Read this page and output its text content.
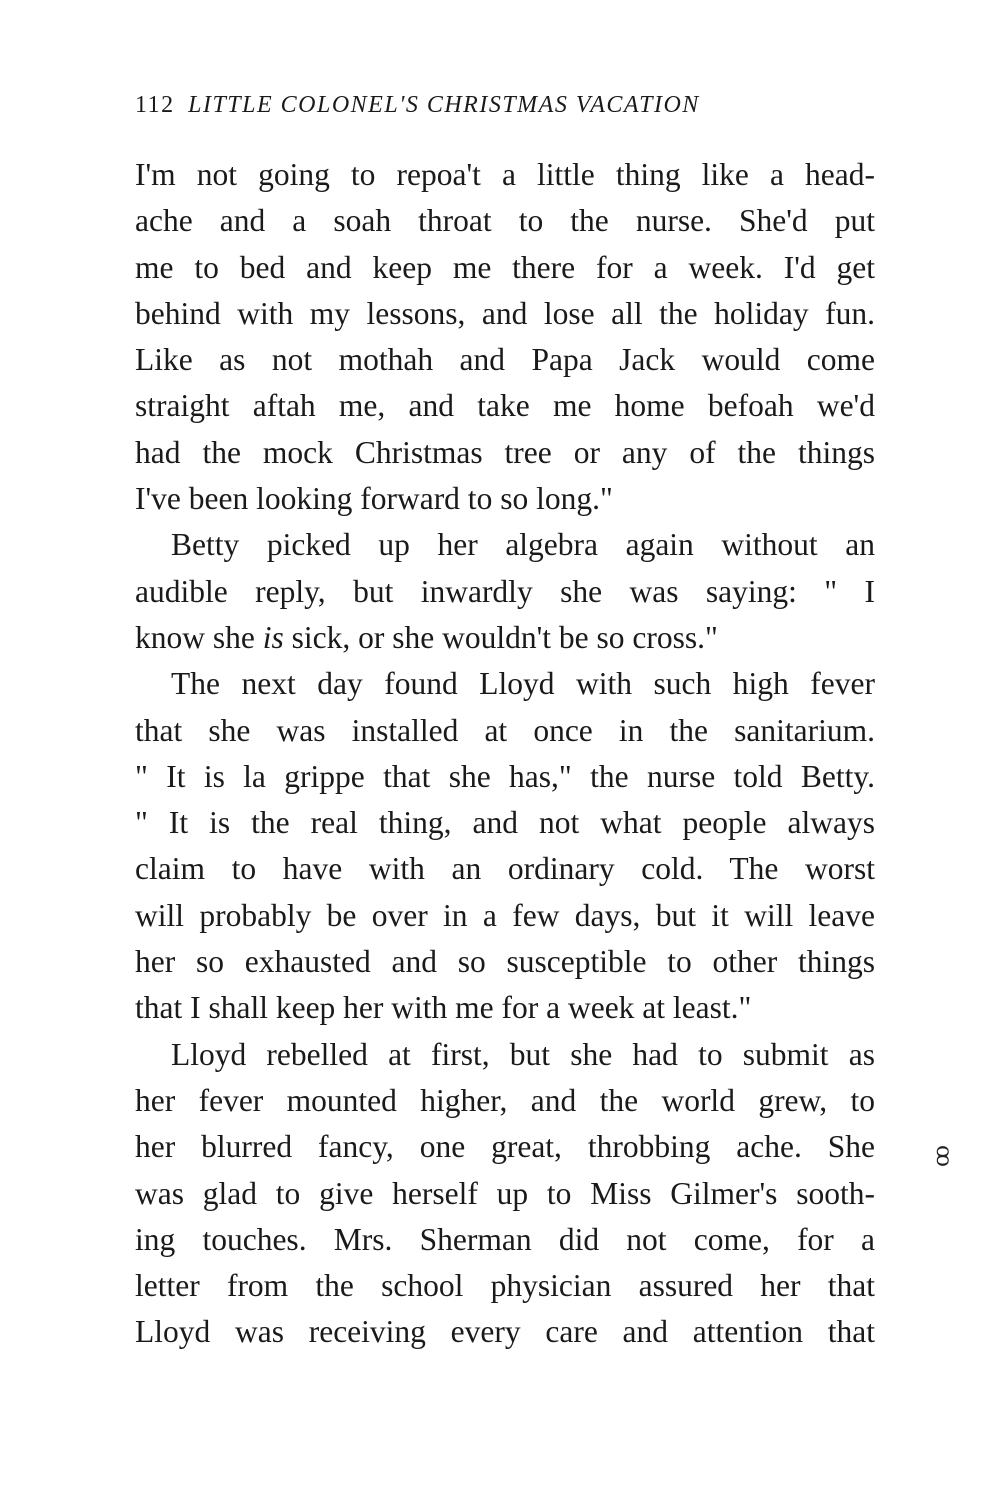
112 LITTLE COLONEL'S CHRISTMAS VACATION
I'm not going to repoa't a little thing like a head-
ache and a soah throat to the nurse. She'd put
me to bed and keep me there for a week. I'd get
behind with my lessons, and lose all the holiday fun.
Like as not mothah and Papa Jack would come
straight aftah me, and take me home befoah we'd
had the mock Christmas tree or any of the things
I've been looking forward to so long."
Betty picked up her algebra again without an
audible reply, but inwardly she was saying: " I
know she is sick, or she wouldn't be so cross."
The next day found Lloyd with such high fever
that she was installed at once in the sanitarium.
" It is la grippe that she has," the nurse told Betty.
" It is the real thing, and not what people always
claim to have with an ordinary cold. The worst
will probably be over in a few days, but it will leave
her so exhausted and so susceptible to other things
that I shall keep her with me for a week at least."
Lloyd rebelled at first, but she had to submit as
her fever mounted higher, and the world grew, to
her blurred fancy, one great, throbbing ache. She
was glad to give herself up to Miss Gilmer's sooth-
ing touches. Mrs. Sherman did not come, for a
letter from the school physician assured her that
Lloyd was receiving every care and attention that
ꝏ
